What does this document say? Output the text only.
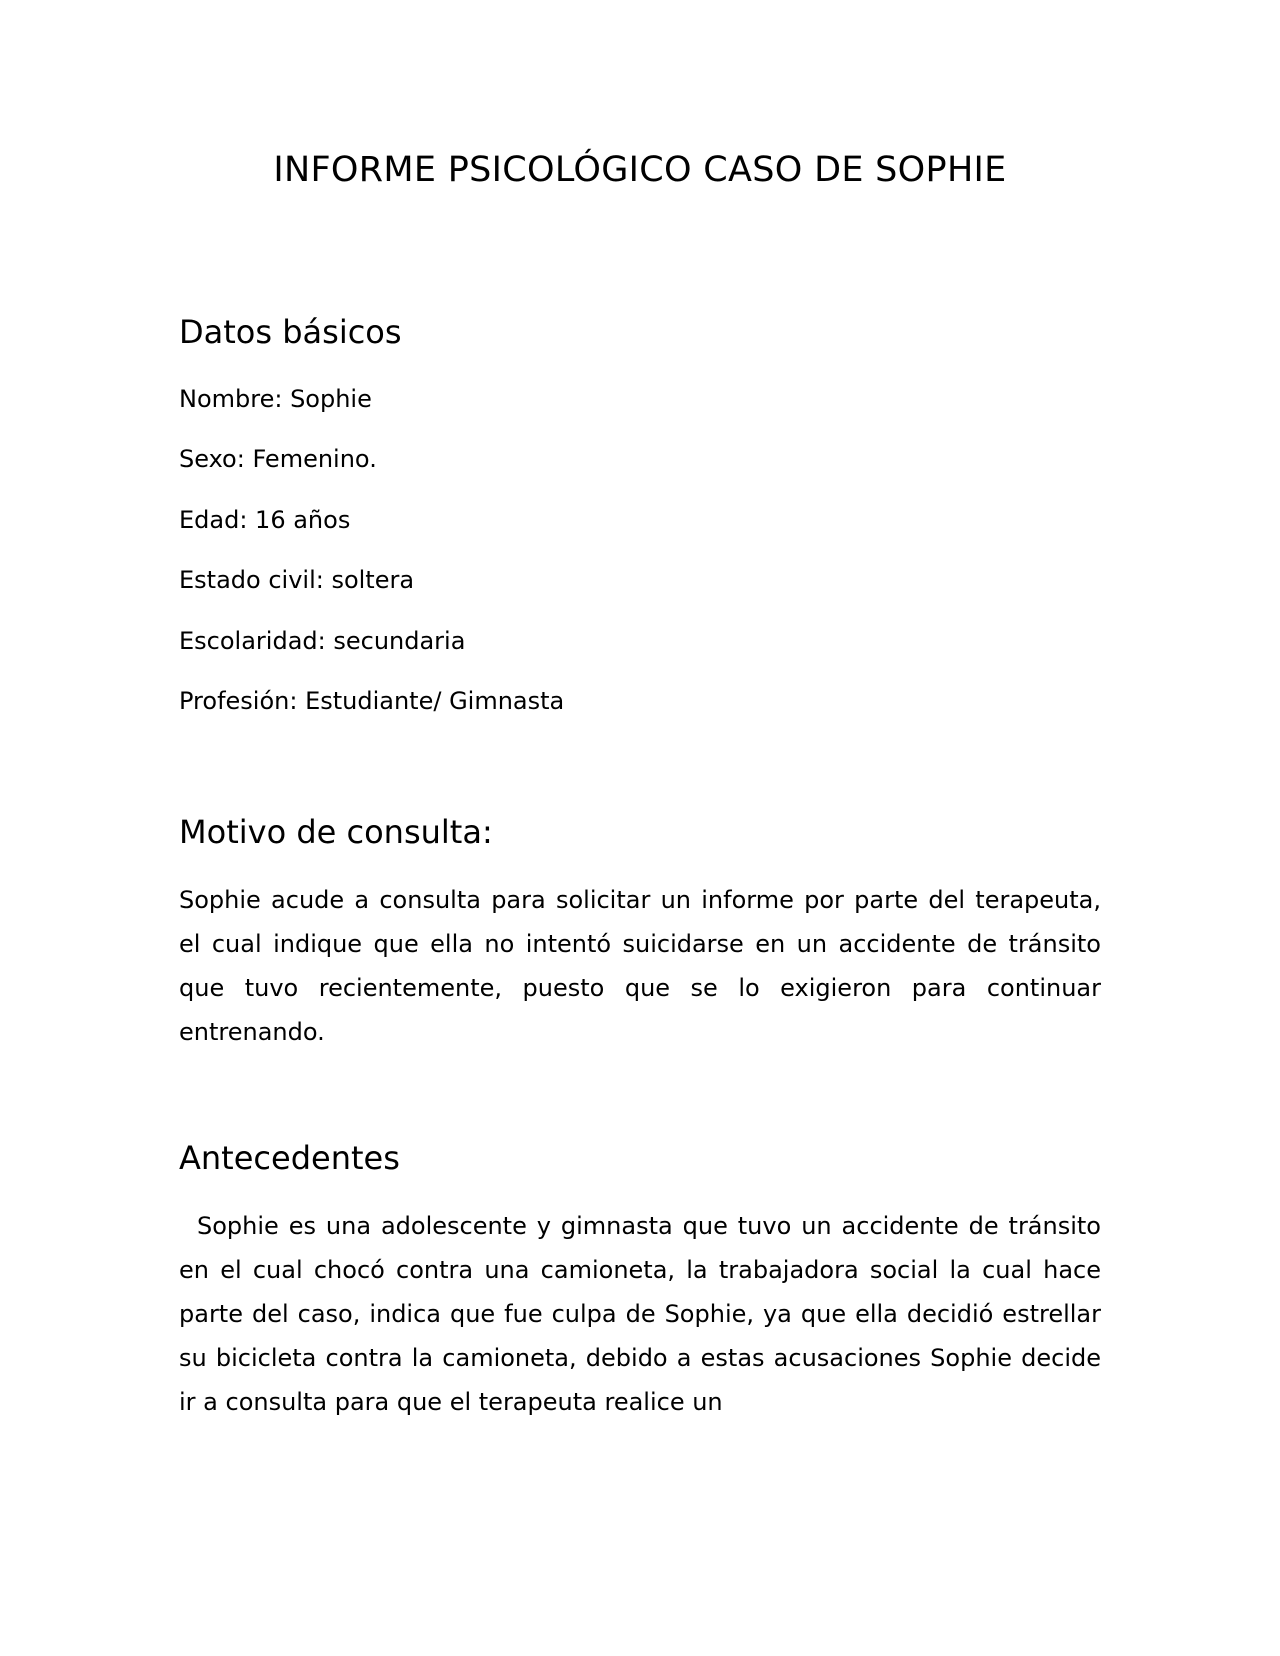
INFORME PSICOLÓGICO CASO DE SOPHIE
Datos básicos

Nombre: Sophie

Sexo: Femenino.

Edad: 16 años

Estado civil: soltera

Escolaridad: secundaria

Profesión: Estudiante/ Gimnasta

Motivo de consulta:

Sophie acude a consulta para solicitar un informe por parte del terapeuta, el cual indique que ella no intentó suicidarse en un accidente de tránsito que tuvo recientemente, puesto que se lo exigieron para continuar entrenando.

Antecedentes

Sophie es una adolescente y gimnasta que tuvo un accidente de tránsito en el cual chocó contra una camioneta, la trabajadora social la cual hace parte del caso, indica que fue culpa de Sophie, ya que ella decidió estrellar su bicicleta contra la camioneta, debido a estas acusaciones Sophie decide ir a consulta para que el terapeuta realice un
